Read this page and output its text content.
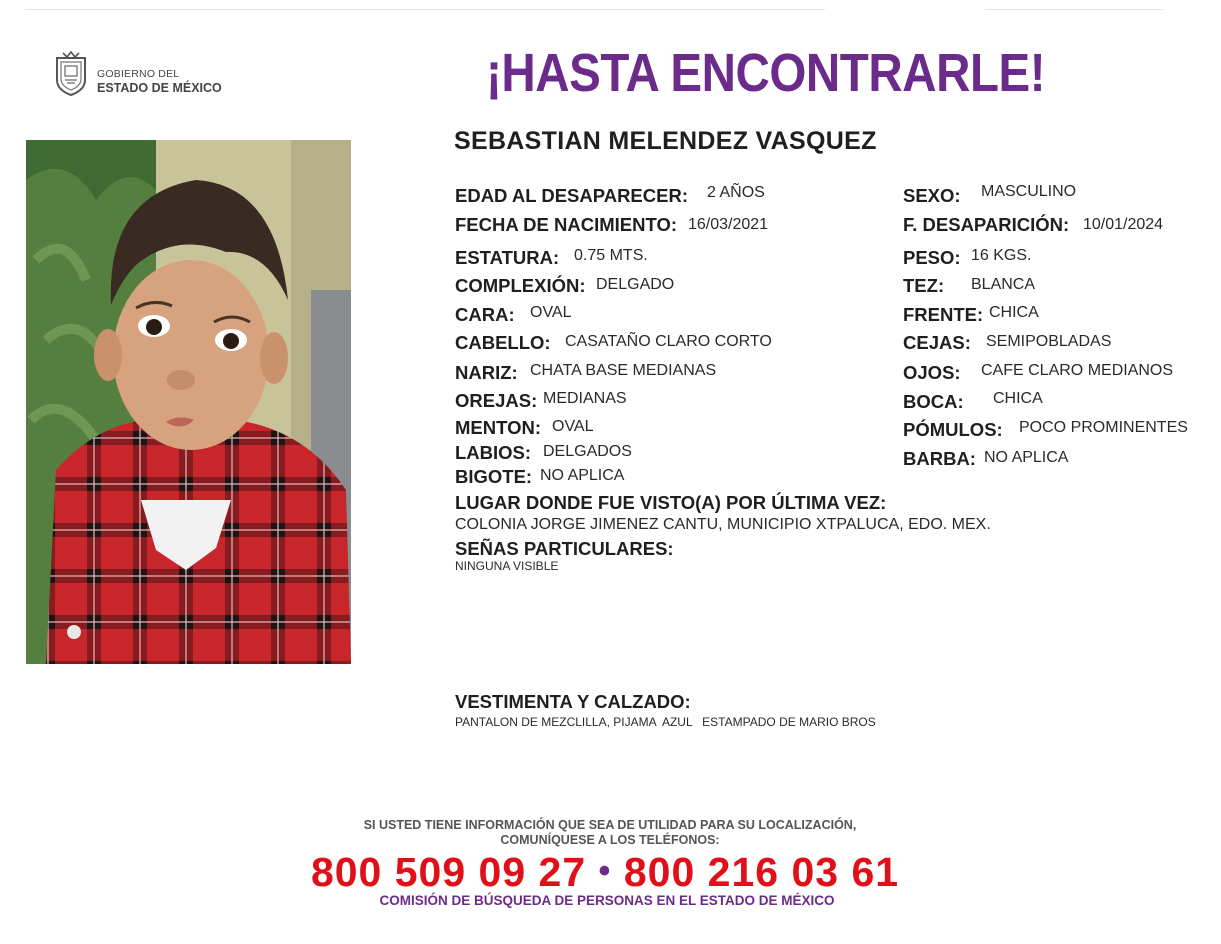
GOBIERNO DEL
ESTADO DE MÉXICO	¡HASTA ENCONTRARLE!
SEBASTIAN MELENDEZ VASQUEZ
EDAD AL DESAPARECER: 2 AÑOS
FECHA DE NACIMIENTO: 16/03/2021
ESTATURA: 0.75 MTS.
COMPLEXIÓN: DELGADO
CARA: OVAL
CABELLO: CASATAÑO CLARO CORTO
NARIZ: CHATA BASE MEDIANAS
OREJAS: MEDIANAS
MENTON: OVAL
LABIOS: DELGADOS
BIGOTE: NO APLICA
SEXO: MASCULINO
F. DESAPARICIÓN: 10/01/2024
PESO: 16 KGS.
TEZ: BLANCA
FRENTE: CHICA
CEJAS: SEMIPOBLADAS
OJOS: CAFE CLARO MEDIANOS
BOCA: CHICA
PÓMULOS: POCO PROMINENTES
BARBA: NO APLICA
LUGAR DONDE FUE VISTO(A) POR ÚLTIMA VEZ:
COLONIA JORGE JIMENEZ CANTU, MUNICIPIO XTPALUCA, EDO. MEX.
SEÑAS PARTICULARES:
NINGUNA VISIBLE
VESTIMENTA Y CALZADO:
PANTALON DE MEZCLILLA, PIJAMA  AZUL   ESTAMPADO DE MARIO BROS
SI USTED TIENE INFORMACIÓN QUE SEA DE UTILIDAD PARA SU LOCALIZACIÓN,
COMUNÍQUESE A LOS TELÉFONOS:
800 509 09 27 • 800 216 03 61
COMISIÓN DE BÚSQUEDA DE PERSONAS EN EL ESTADO DE MÉXICO
